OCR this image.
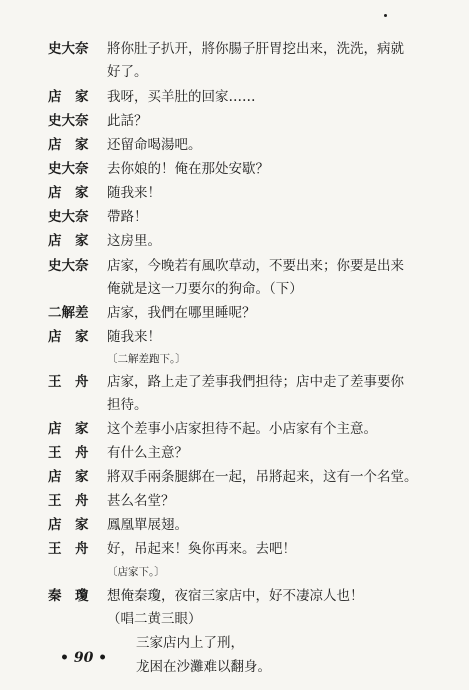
史大奈 將你肚子扒开，將你腸子肝胃挖出来，洗洗，病就
好了。
店　家 我呀，买羊肚的回家……
史大奈 此話？
店　家 还留命喝湯吧。
史大奈 去你娘的！俺在那处安歇？
店　家 随我来！
史大奈 帶路！
店　家 这房里。
史大奈 店家，今晚若有風吹草动，不要出来；你要是出来
俺就是这一刀要尔的狗命。（下）
二解差 店家，我們在哪里睡呢？
店　家 随我来！
〔二解差跑下。〕
王　舟 店家，路上走了差事我們担待；店中走了差事要你
担待。
店　家 这个差事小店家担待不起。小店家有个主意。
王　舟 有什么主意？
店　家 將双手兩条腿綁在一起，吊將起来，这有一个名堂。
王　舟 甚么名堂？
店　家 鳳凰單展翅。
王　舟 好，吊起来！奐你再来。去吧！
〔店家下。〕
秦　瓊 想俺秦瓊，夜宿三家店中，好不凄凉人也！
（唱二黄三眼）
三家店内上了刑，
龙困在沙灘难以翻身。
• 90 •
